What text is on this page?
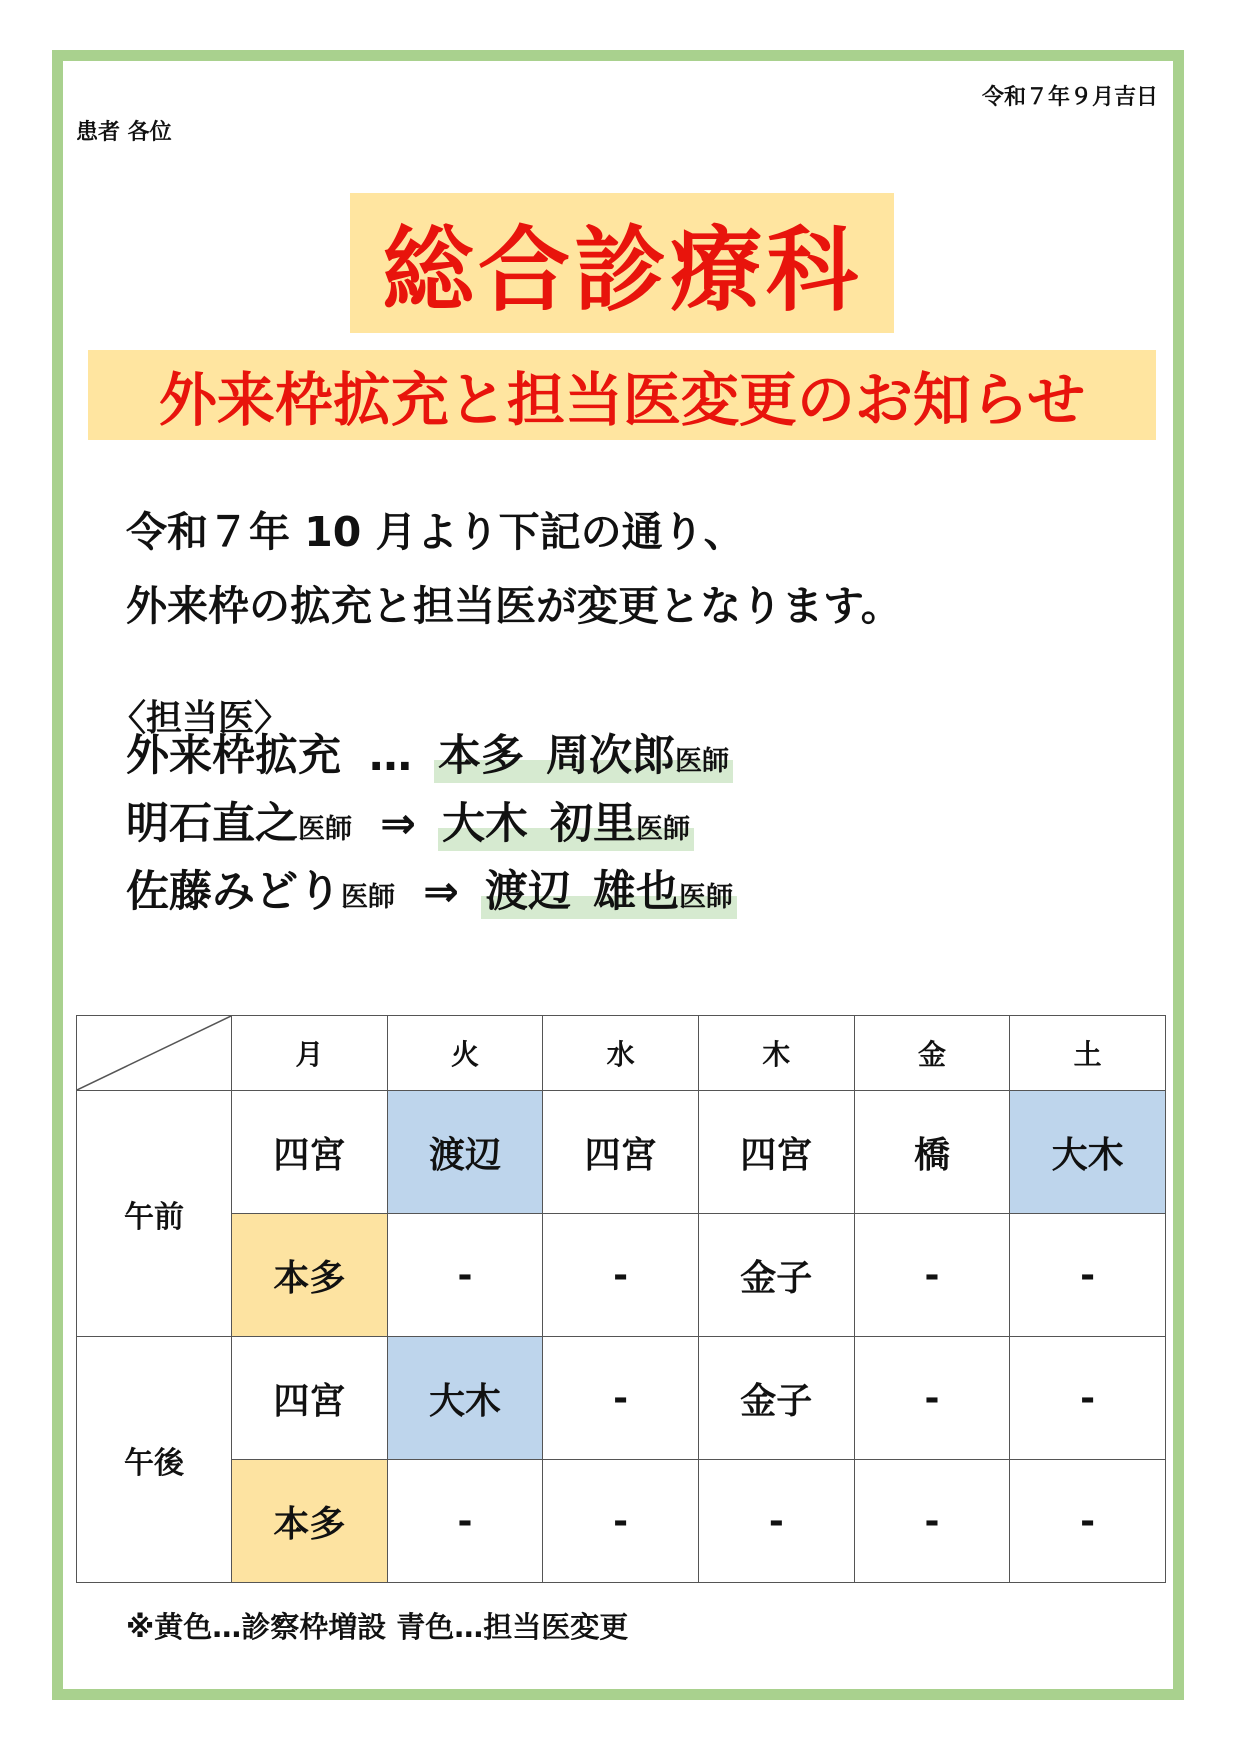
令和７年９月吉日
患者 各位
総合診療科
外来枠拡充と担当医変更のお知らせ
令和７年 10 月より下記の通り、
外来枠の拡充と担当医が変更となります。
〈担当医〉
外来枠拡充 … 本多 周次郎医師
明石直之 医師 ⇒ 大木 初里医師
佐藤みどり 医師 ⇒ 渡辺 雄也医師
	月	火	水	木	金	土
午前	四宮	渡辺	四宮	四宮	橋	大木
	本多	-	-	金子	-	-
午後	四宮	大木	-	金子	-	-
	本多	-	-	-	-	-
※黄色…診察枠増設 青色…担当医変更
